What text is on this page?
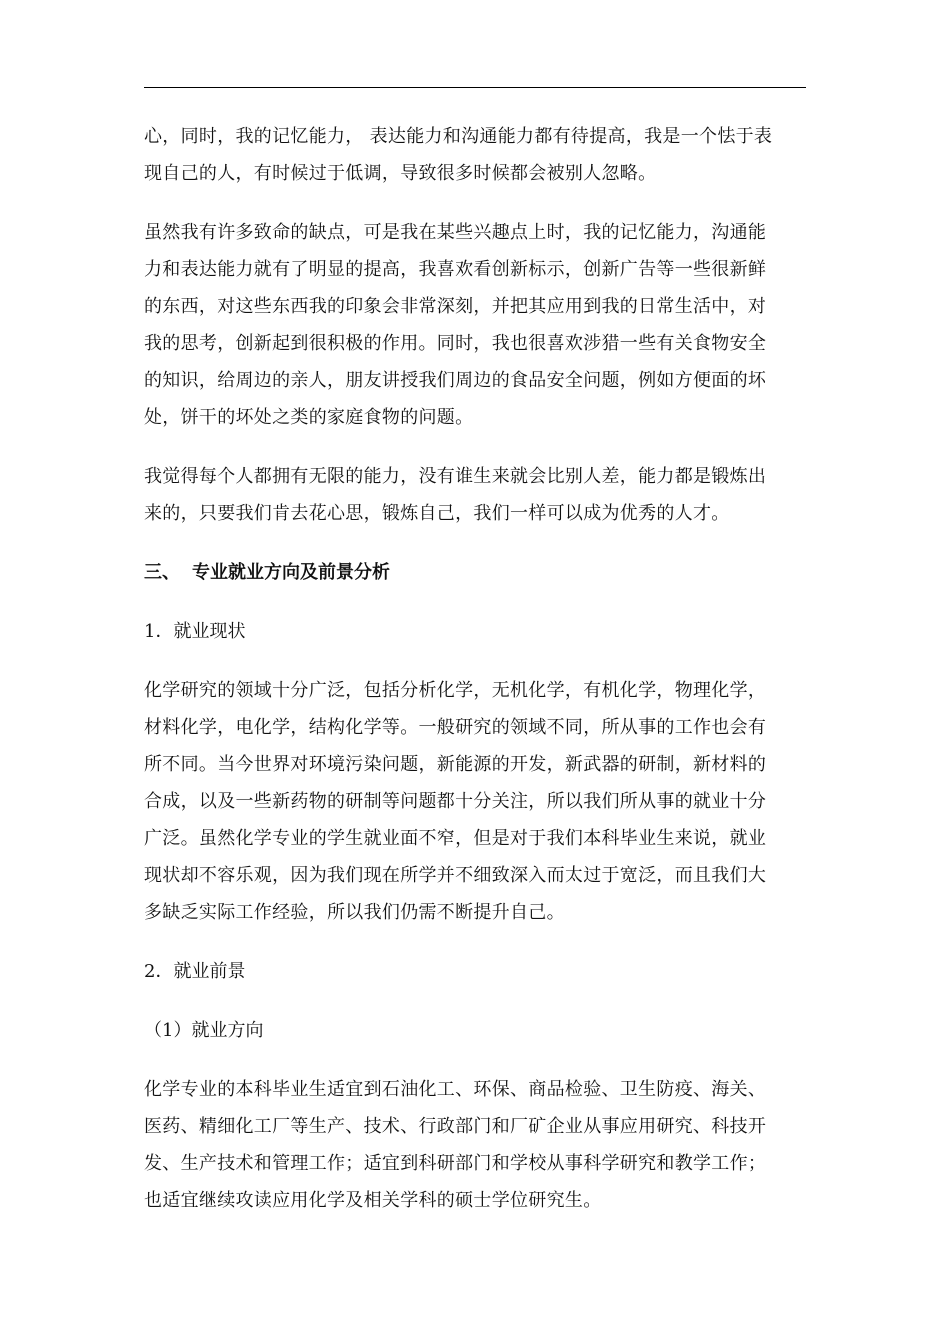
心，同时，我的记忆能力， 表达能力和沟通能力都有待提高，我是一个怯于表
现自己的人，有时候过于低调，导致很多时候都会被别人忽略。

虽然我有许多致命的缺点，可是我在某些兴趣点上时，我的记忆能力，沟通能
力和表达能力就有了明显的提高，我喜欢看创新标示，创新广告等一些很新鲜
的东西，对这些东西我的印象会非常深刻，并把其应用到我的日常生活中，对
我的思考，创新起到很积极的作用。同时，我也很喜欢涉猎一些有关食物安全
的知识，给周边的亲人，朋友讲授我们周边的食品安全问题，例如方便面的坏
处，饼干的坏处之类的家庭食物的问题。

我觉得每个人都拥有无限的能力，没有谁生来就会比别人差，能力都是锻炼出
来的，只要我们肯去花心思，锻炼自己，我们一样可以成为优秀的人才。

三、 专业就业方向及前景分析
1．就业现状

化学研究的领域十分广泛，包括分析化学，无机化学，有机化学，物理化学，
材料化学，电化学，结构化学等。一般研究的领域不同，所从事的工作也会有
所不同。当今世界对环境污染问题，新能源的开发，新武器的研制，新材料的
合成，以及一些新药物的研制等问题都十分关注，所以我们所从事的就业十分
广泛。虽然化学专业的学生就业面不窄，但是对于我们本科毕业生来说，就业
现状却不容乐观，因为我们现在所学并不细致深入而太过于宽泛，而且我们大
多缺乏实际工作经验，所以我们仍需不断提升自己。

2．就业前景
（1）就业方向

化学专业的本科毕业生适宜到石油化工、环保、商品检验、卫生防疫、海关、
医药、精细化工厂等生产、技术、行政部门和厂矿企业从事应用研究、科技开
发、生产技术和管理工作；适宜到科研部门和学校从事科学研究和教学工作；
也适宜继续攻读应用化学及相关学科的硕士学位研究生。
